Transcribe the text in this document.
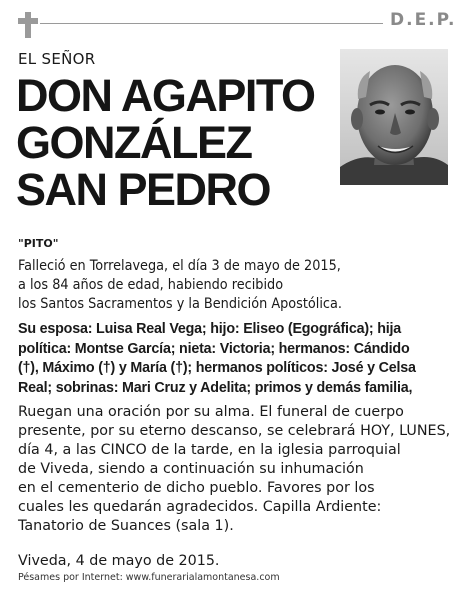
D.E.P.
EL SEÑOR
DON AGAPITO
GONZÁLEZ
SAN PEDRO
"PITO"
Falleció en Torrelavega, el día 3 de mayo de 2015,
a los 84 años de edad, habiendo recibido
los Santos Sacramentos y la Bendición Apostólica.
Su esposa: Luisa Real Vega; hijo: Eliseo (Egográfica); hija
política: Montse García; nieta: Victoria; hermanos: Cándido
(†), Máximo (†) y María (†); hermanos políticos: José y Celsa
Real; sobrinas: Mari Cruz y Adelita; primos y demás familia,
Ruegan una oración por su alma. El funeral de cuerpo
presente, por su eterno descanso, se celebrará HOY, LUNES,
día 4, a las CINCO de la tarde, en la iglesia parroquial
de Viveda, siendo a continuación su inhumación
en el cementerio de dicho pueblo. Favores por los
cuales les quedarán agradecidos. Capilla Ardiente:
Tanatorio de Suances (sala 1).
Viveda, 4 de mayo de 2015.
Pésames por Internet: www.funerarialamontanesa.com
